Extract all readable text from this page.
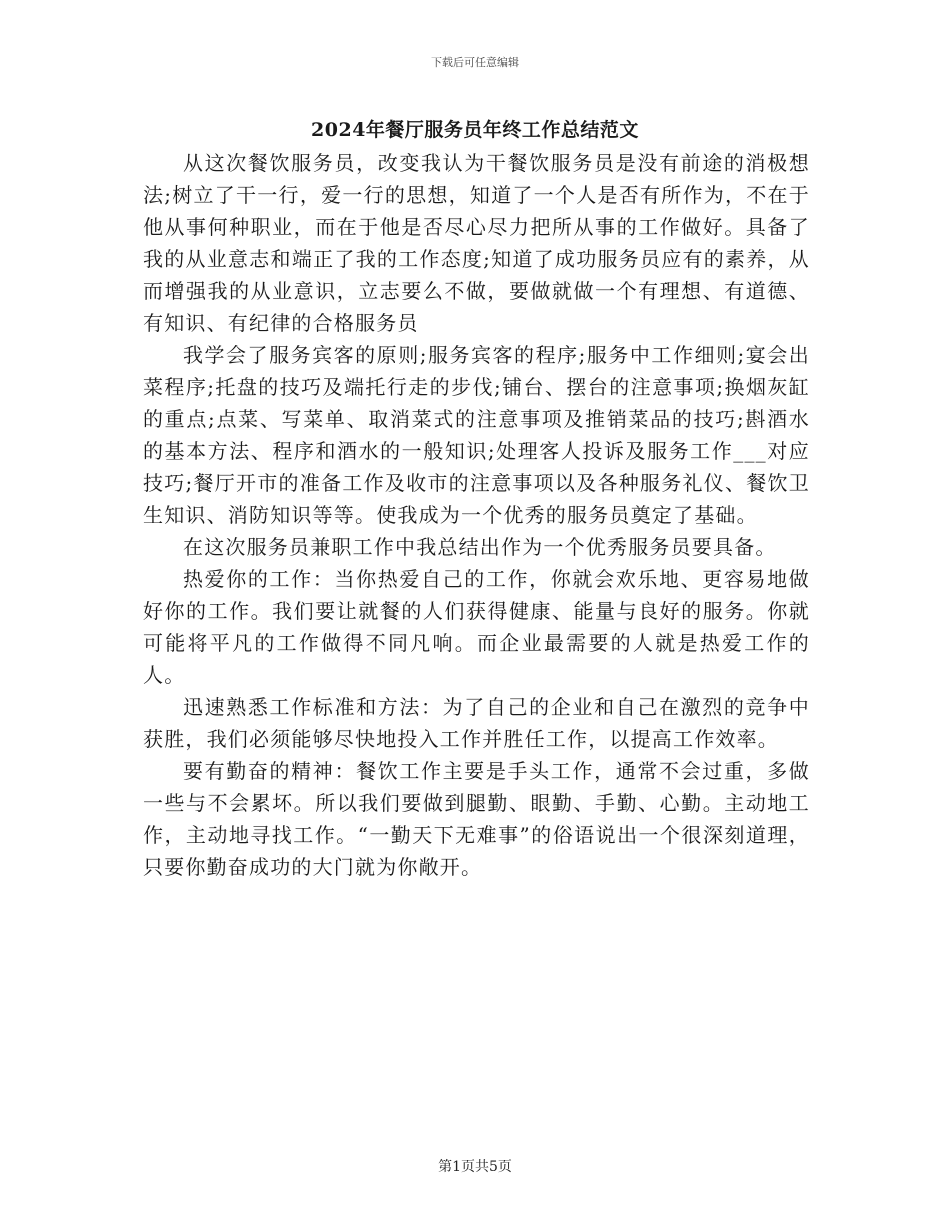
下载后可任意编辑
2024年餐厅服务员年终工作总结范文

从这次餐饮服务员，改变我认为干餐饮服务员是没有前途的消极想法;树立了干一行，爱一行的思想，知道了一个人是否有所作为，不在于他从事何种职业，而在于他是否尽心尽力把所从事的工作做好。具备了我的从业意志和端正了我的工作态度;知道了成功服务员应有的素养，从而增强我的从业意识，立志要么不做，要做就做一个有理想、有道德、有知识、有纪律的合格服务员

我学会了服务宾客的原则;服务宾客的程序;服务中工作细则;宴会出菜程序;托盘的技巧及端托行走的步伐;铺台、摆台的注意事项;换烟灰缸的重点;点菜、写菜单、取消菜式的注意事项及推销菜品的技巧;斟酒水的基本方法、程序和酒水的一般知识;处理客人投诉及服务工作___对应技巧;餐厅开市的准备工作及收市的注意事项以及各种服务礼仪、餐饮卫生知识、消防知识等等。使我成为一个优秀的服务员奠定了基础。

在这次服务员兼职工作中我总结出作为一个优秀服务员要具备。

热爱你的工作：当你热爱自己的工作，你就会欢乐地、更容易地做好你的工作。我们要让就餐的人们获得健康、能量与良好的服务。你就可能将平凡的工作做得不同凡响。而企业最需要的人就是热爱工作的人。

迅速熟悉工作标准和方法：为了自己的企业和自己在激烈的竞争中获胜，我们必须能够尽快地投入工作并胜任工作，以提高工作效率。

要有勤奋的精神：餐饮工作主要是手头工作，通常不会过重，多做一些与不会累坏。所以我们要做到腿勤、眼勤、手勤、心勤。主动地工作，主动地寻找工作。“一勤天下无难事”的俗语说出一个很深刻道理，只要你勤奋成功的大门就为你敞开。

第1页共5页
